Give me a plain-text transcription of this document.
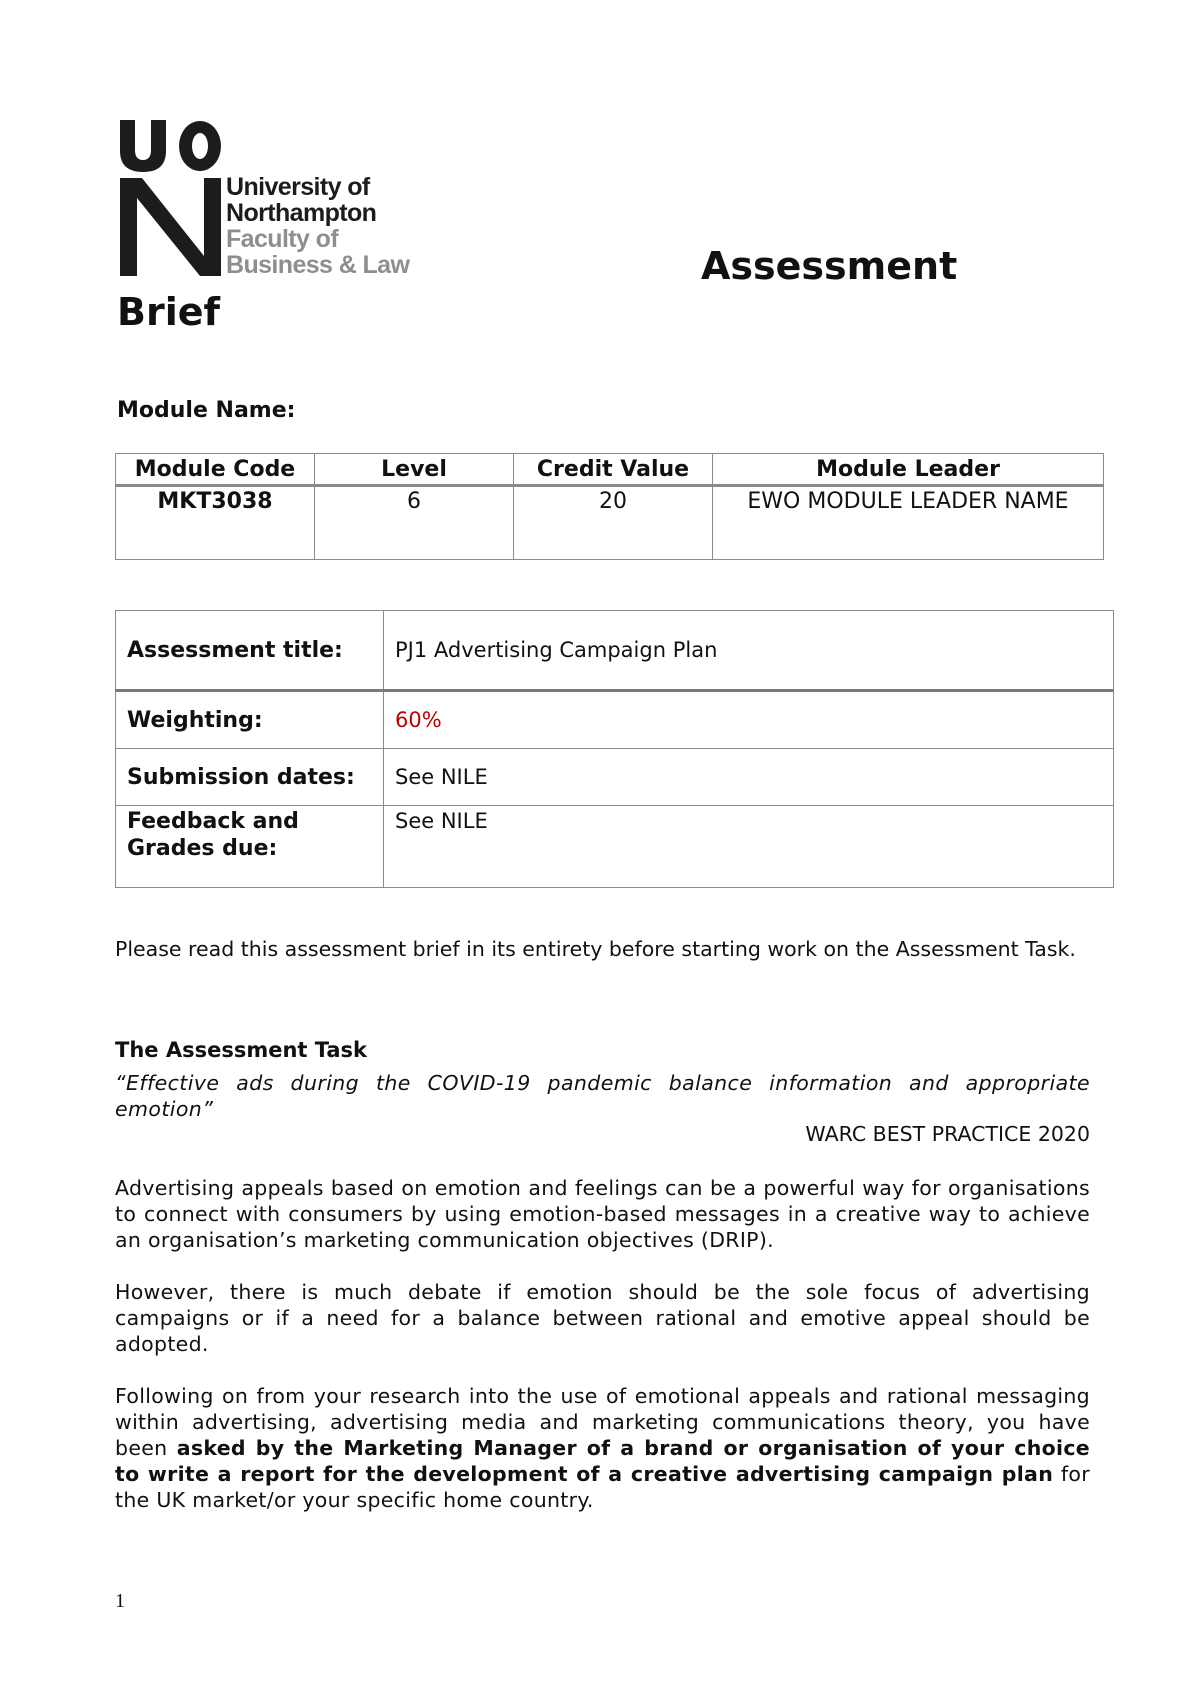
University of
Northampton
Faculty of
Business & Law	Assessment
Brief
Module Name:
Module Code	Level	Credit Value	Module Leader
MKT3038	6	20	EWO MODULE LEADER NAME
Assessment title:	PJ1 Advertising Campaign Plan
Weighting:	60%
Submission dates:	See NILE
Feedback and Grades due:	See NILE
Please read this assessment brief in its entirety before starting work on the Assessment Task.
The Assessment Task
“Effective ads during the COVID-19 pandemic balance information and appropriate emotion”
WARC BEST PRACTICE 2020
Advertising appeals based on emotion and feelings can be a powerful way for organisations to connect with consumers by using emotion-based messages in a creative way to achieve an organisation’s marketing communication objectives (DRIP).
However, there is much debate if emotion should be the sole focus of advertising campaigns or if a need for a balance between rational and emotive appeal should be adopted.
Following on from your research into the use of emotional appeals and rational messaging within advertising, advertising media and marketing communications theory, you have been asked by the Marketing Manager of a brand or organisation of your choice to write a report for the development of a creative advertising campaign plan for the UK market/or your specific home country.
1
